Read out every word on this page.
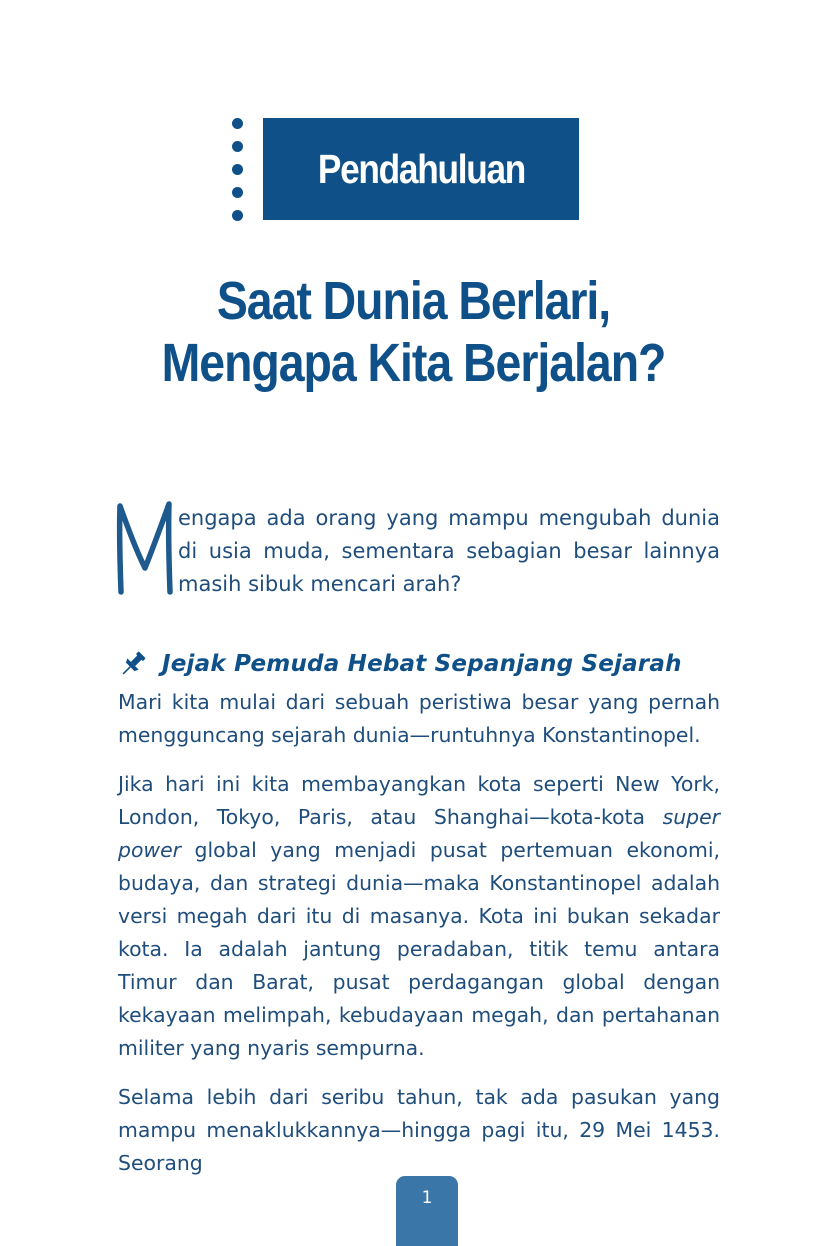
Pendahuluan
Saat Dunia Berlari,
Mengapa Kita Berjalan?

engapa ada orang yang mampu mengubah dunia di usia muda, sementara sebagian besar lainnya masih sibuk mencari arah?

Jejak Pemuda Hebat Sepanjang Sejarah

Mari kita mulai dari sebuah peristiwa besar yang pernah mengguncang sejarah dunia—runtuhnya Konstantinopel.

Jika hari ini kita membayangkan kota seperti New York, London, Tokyo, Paris, atau Shanghai—kota-kota super power global yang menjadi pusat pertemuan ekonomi, budaya, dan strategi dunia—maka Konstantinopel adalah versi megah dari itu di masanya. Kota ini bukan sekadar kota. Ia adalah jantung peradaban, titik temu antara Timur dan Barat, pusat perdagangan global dengan kekayaan melimpah, kebudayaan megah, dan pertahanan militer yang nyaris sempurna.

Selama lebih dari seribu tahun, tak ada pasukan yang mampu menaklukkannya—hingga pagi itu, 29 Mei 1453. Seorang

1
